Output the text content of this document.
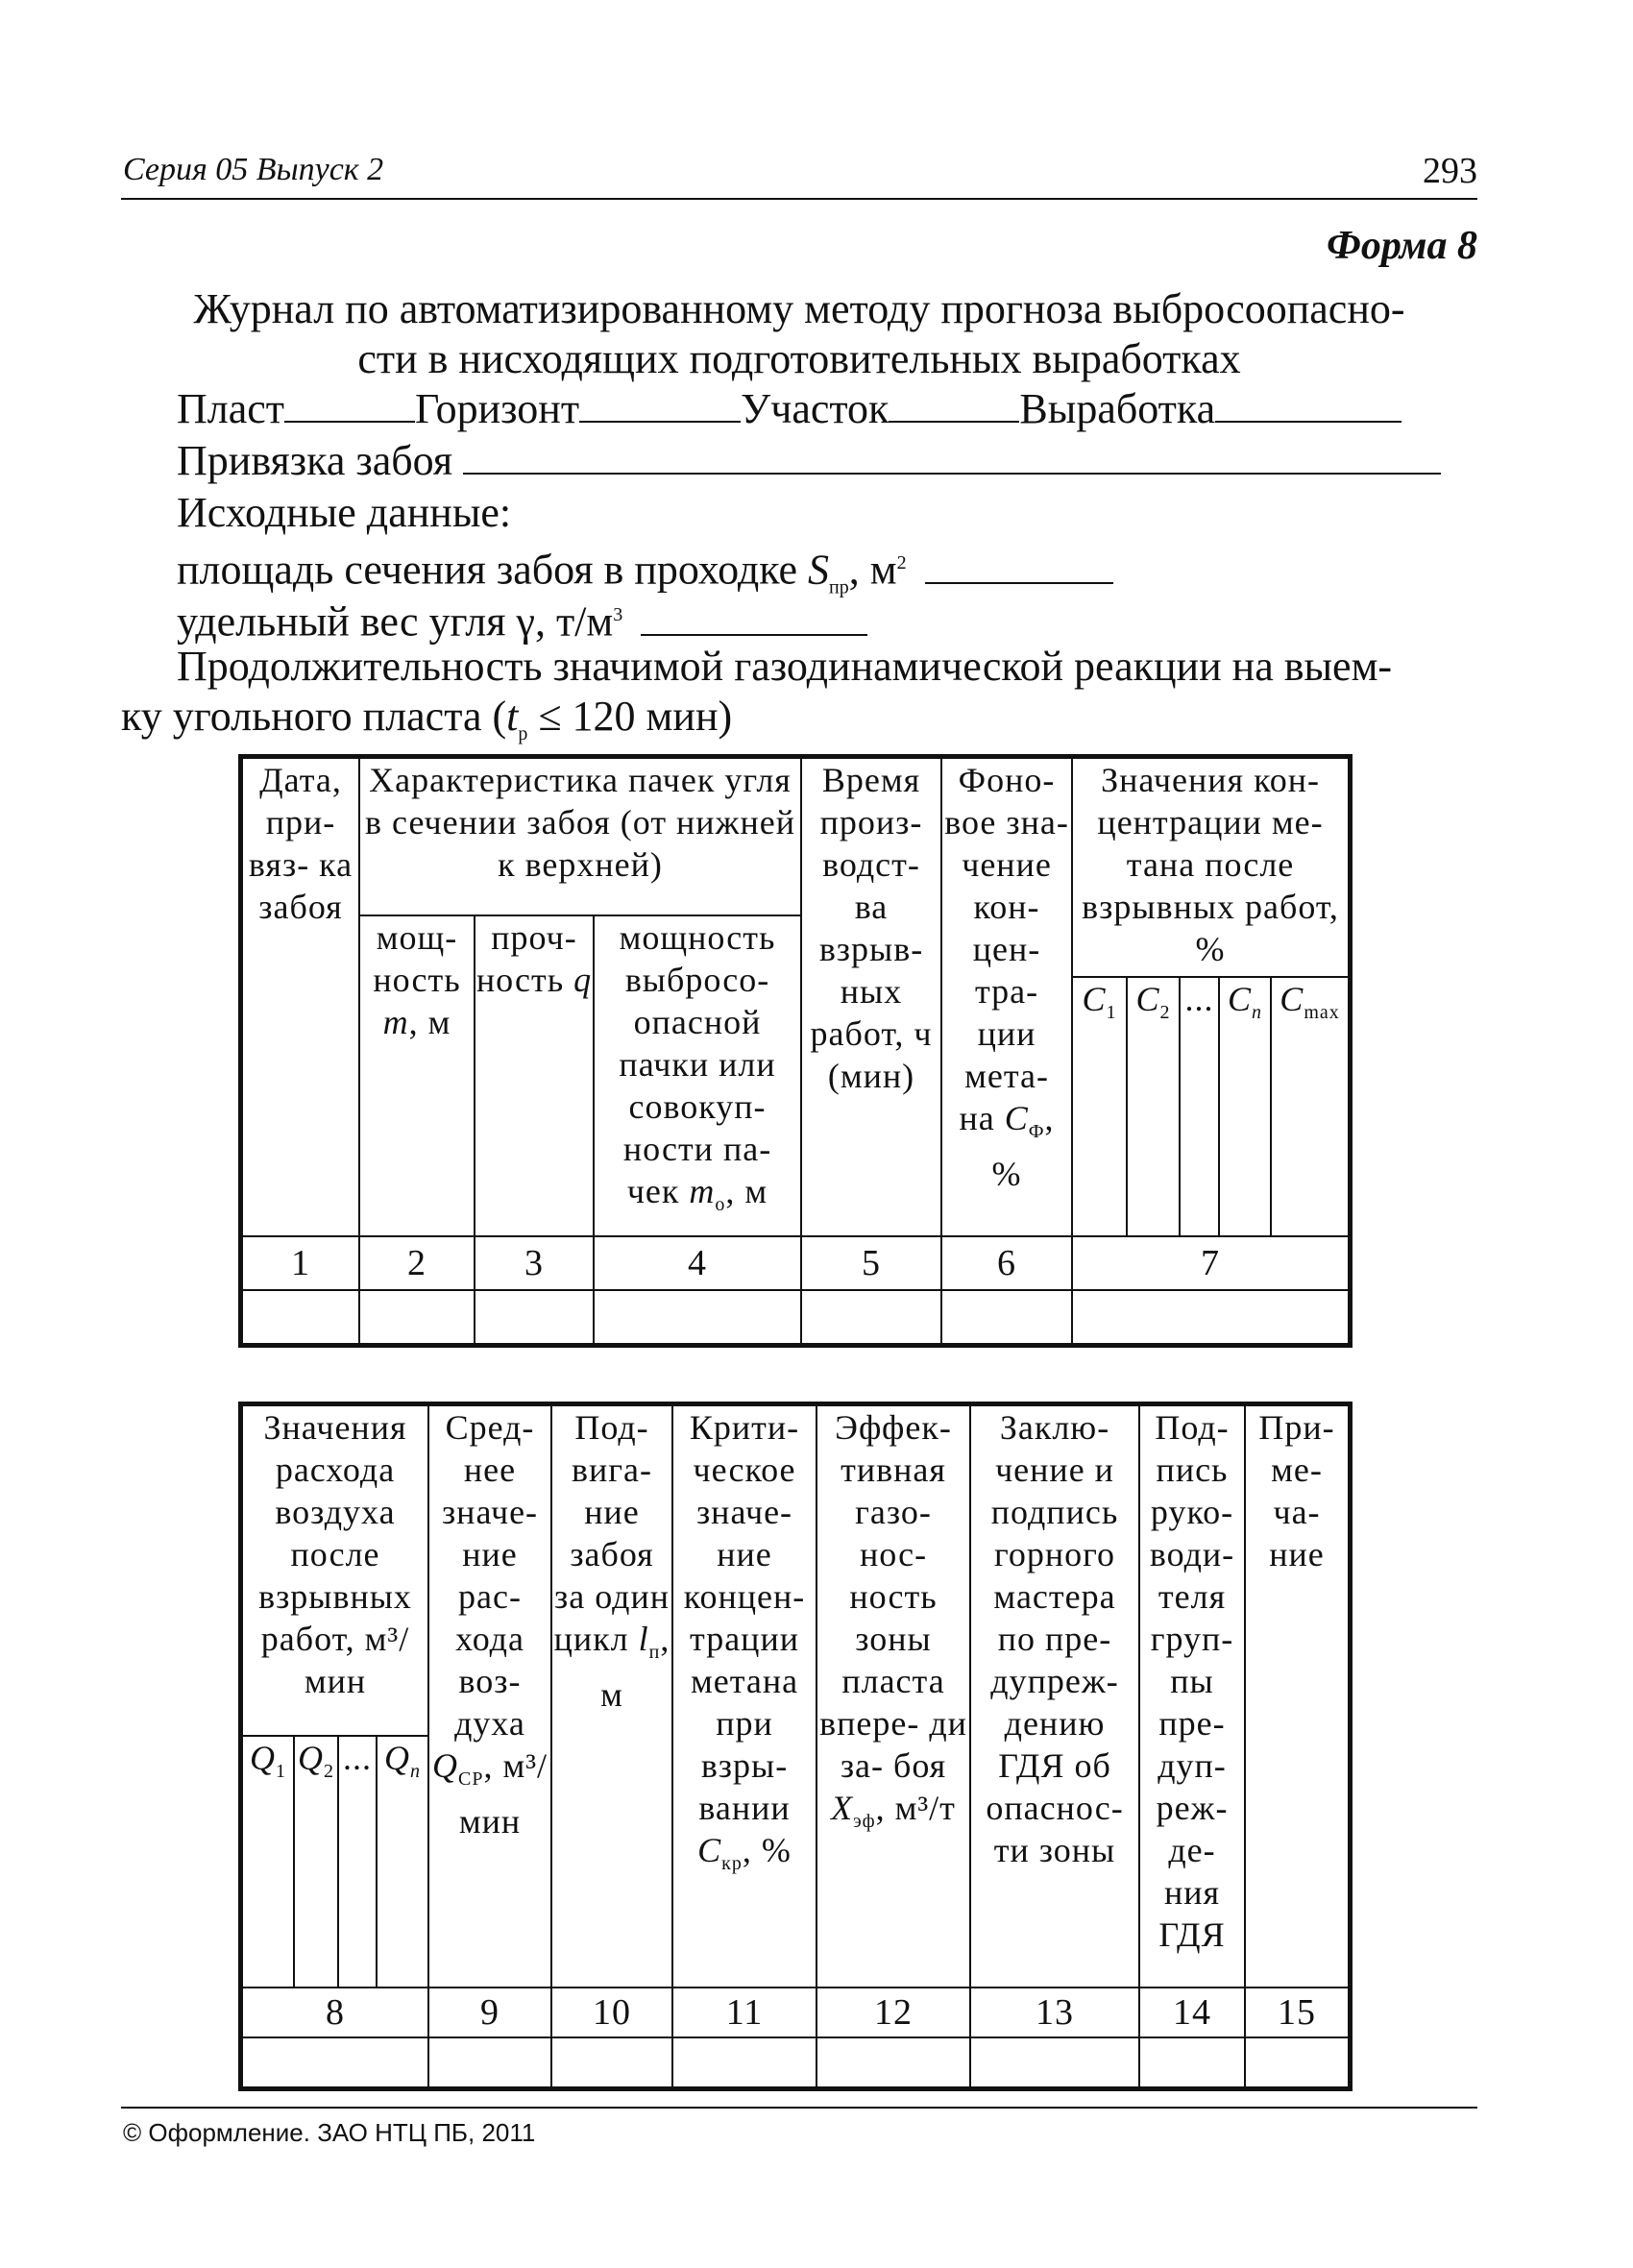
Серия 05 Выпуск 2	293
Форма 8
Журнал по автоматизированному методу прогноза выбросоопасно-
сти в нисходящих подготовительных выработках
Пласт	Горизонт	Участок	Выработка
Привязка забоя
Исходные данные:
площадь сечения забоя в проходке $S_{пр}$, $м^2$
удельный вес угля γ, $т/м^3$
Продолжительность значимой газодинамической реакции на выем-
ку угольного пласта ($t_р \le 120$ мин)
Дата, при- вяз- ка забоя	Характеристика пачек угля в сечении забоя (от нижней к верхней)			Время произ- водст- ва взрыв- ных работ, ч (мин)	Фоно- вое зна- чение кон- цен- тра- ции мета- на $C_Ф$, %	Значения кон- центрации ме- тана после взрывных работ, %				
	мощ- ность m, м	проч- ность q	мощность выбросо- опасной пачки или совокуп- ности па- чек $m_о$, м							
						$C_1$	$C_2$	...	$C_n$	$C_{max}$
1	2	3	4	5	6	7				

Значения расхода воздуха после взрывных работ, м³/мин				Сред- нее значе- ние рас- хода воз- духа $Q_{СР}$, м³/мин	Под- вига- ние забоя за один цикл $l_п$, м	Крити- ческое значе- ние концен- трации метана при взры- вании $C_{кр}$, %	Эффек- тивная газо- нос- ность зоны пласта впере- ди за- боя $X_{эф}$, м³/т	Заклю- чение и подпись горного мастера по пре- дупреж- дению ГДЯ об опаснос- ти зоны	Под- пись руко- води- теля груп- пы пре- дуп- реж- де- ния ГДЯ	При- ме- ча- ние
$Q_1$	$Q_2$	...	$Q_n$
8				9	10	11	12	13	14	15

© Оформление. ЗАО НТЦ ПБ, 2011
